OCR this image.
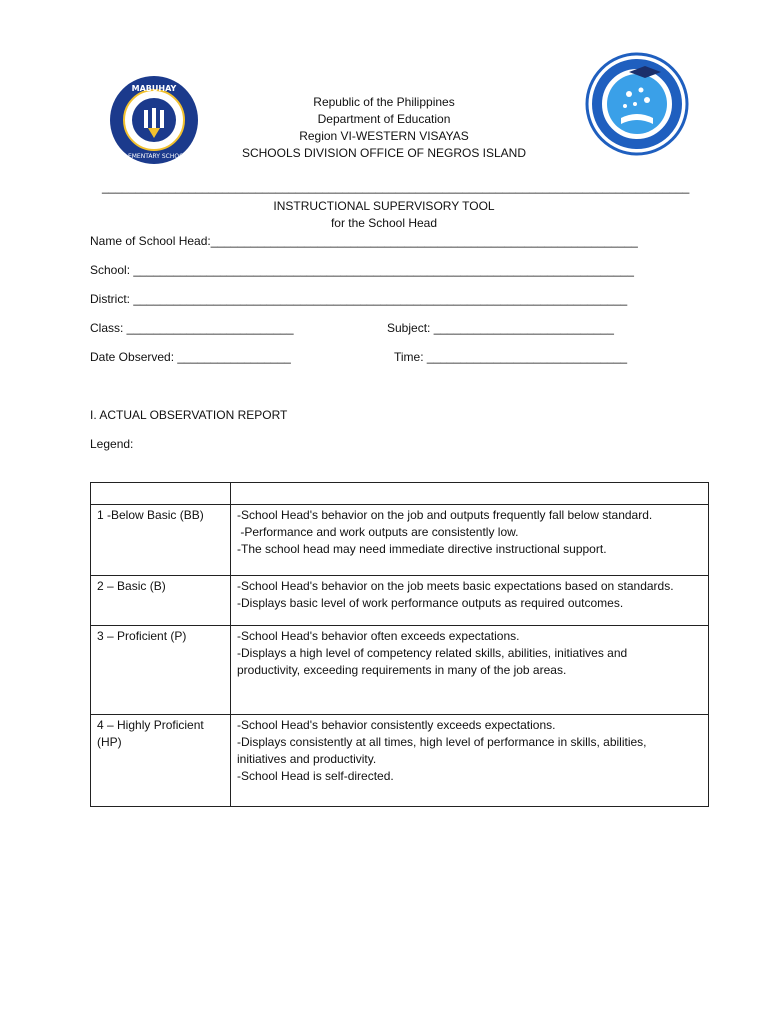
MABUHAY
ELEMENTARY SCHOOL
Republic of the Philippines
Department of Education
Region VI-WESTERN VISAYAS
SCHOOLS DIVISION OFFICE OF NEGROS ISLAND
________________________________________________________________________________________
INSTRUCTIONAL SUPERVISORY TOOL
for the School Head
Name of School Head:________________________________________________________________
School: ___________________________________________________________________________
District: __________________________________________________________________________
Class: _________________________	Subject: ___________________________
Date Observed: _________________	Time: ______________________________
I. ACTUAL OBSERVATION REPORT
Legend:

1 -Below Basic (BB)	-School Head's behavior on the job and outputs frequently fall below standard.
-Performance and work outputs are consistently low.
-The school head may need immediate directive instructional support.

2 – Basic (B)	-School Head's behavior on the job meets basic expectations based on standards.
-Displays basic level of work performance outputs as required outcomes.

3 – Proficient (P)	-School Head's behavior often exceeds expectations.
-Displays a high level of competency related skills, abilities, initiatives and
productivity, exceeding requirements in many of the job areas.

4 – Highly Proficient (HP)	-School Head's behavior consistently exceeds expectations.
-Displays consistently at all times, high level of performance in skills, abilities,
initiatives and productivity.
-School Head is self-directed.
